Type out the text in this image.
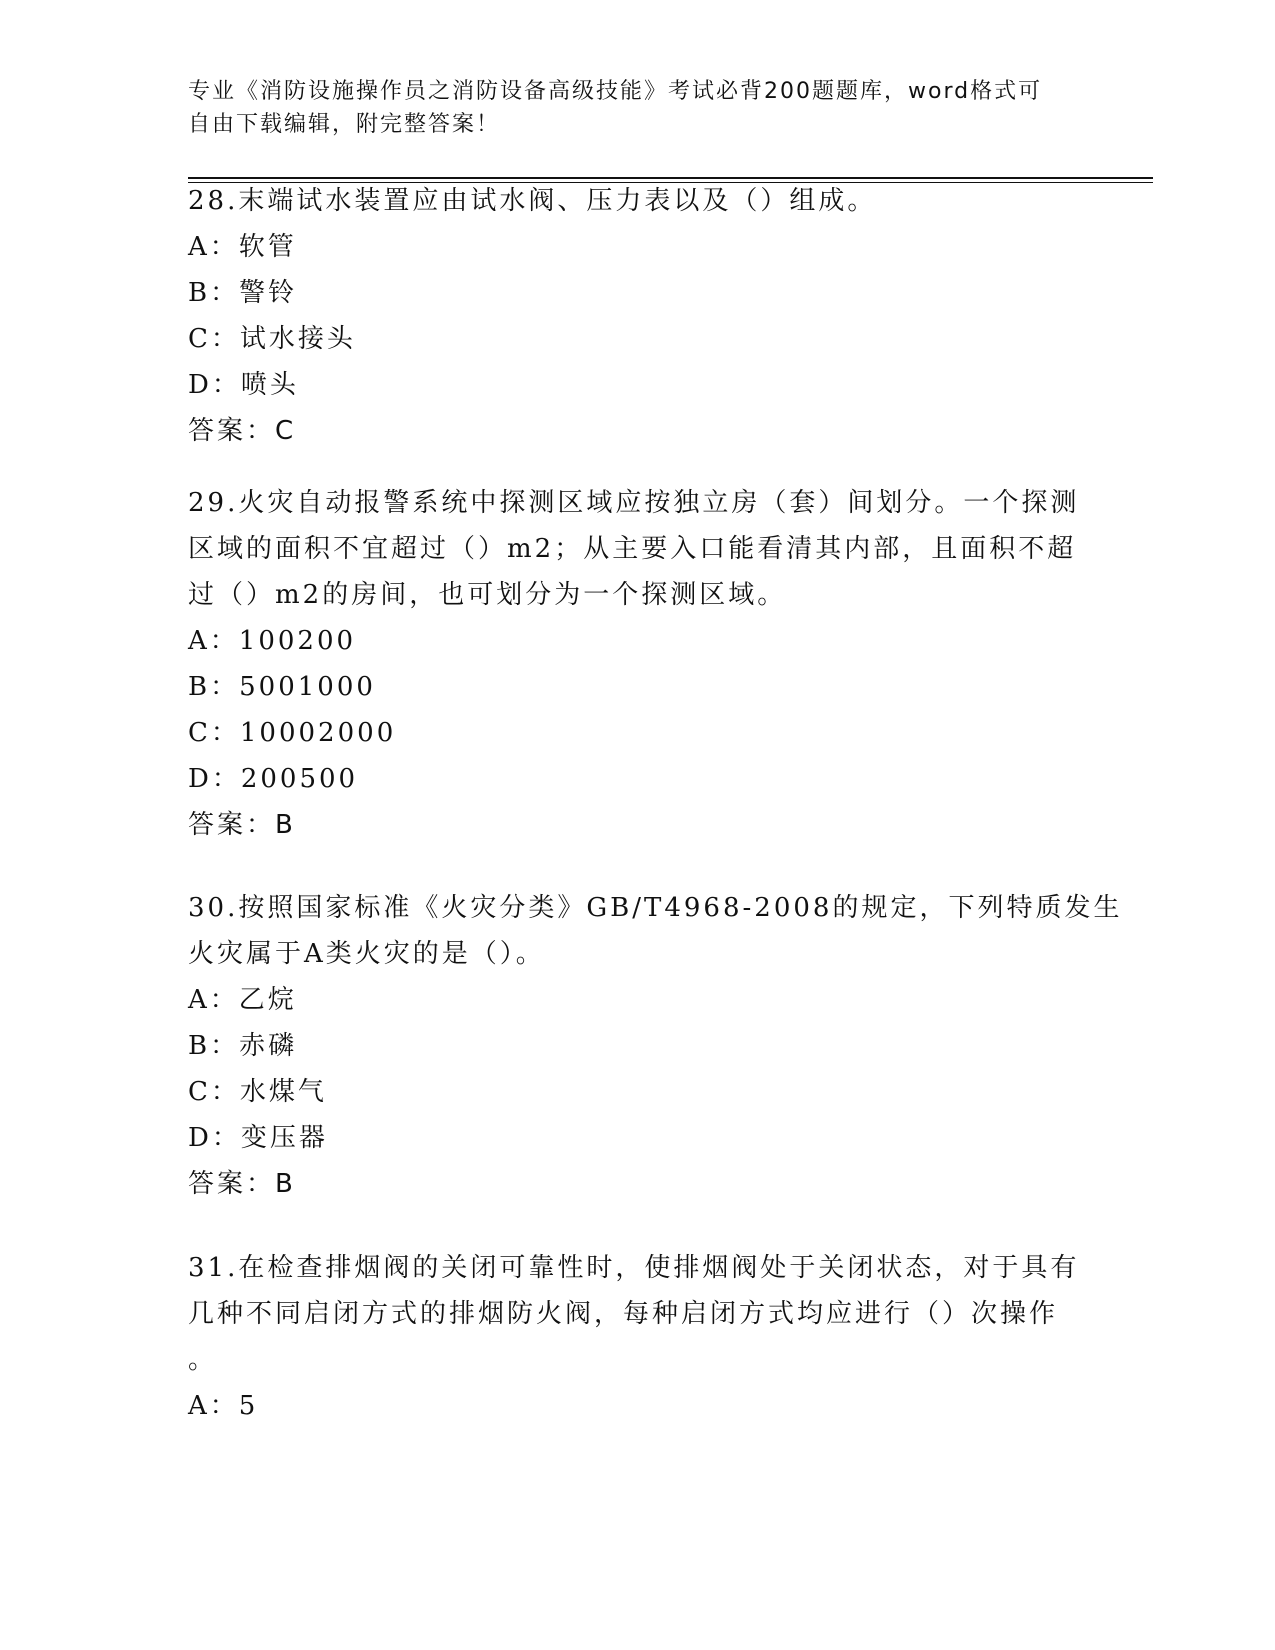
专业《消防设施操作员之消防设备高级技能》考试必背200题题库，word格式可
自由下载编辑，附完整答案！
28.末端试水装置应由试水阀、压力表以及（）组成。
A：软管
B：警铃
C：试水接头
D：喷头
答案：C
29.火灾自动报警系统中探测区域应按独立房（套）间划分。一个探测
区域的面积不宜超过（）m2；从主要入口能看清其内部，且面积不超
过（）m2的房间，也可划分为一个探测区域。
A：100200
B：5001000
C：10002000
D：200500
答案：B
30.按照国家标准《火灾分类》GB/T4968-2008的规定，下列特质发生
火灾属于A类火灾的是（）。
A：乙烷
B：赤磷
C：水煤气
D：变压器
答案：B
31.在检查排烟阀的关闭可靠性时，使排烟阀处于关闭状态，对于具有
几种不同启闭方式的排烟防火阀，每种启闭方式均应进行（）次操作
。
A：5
